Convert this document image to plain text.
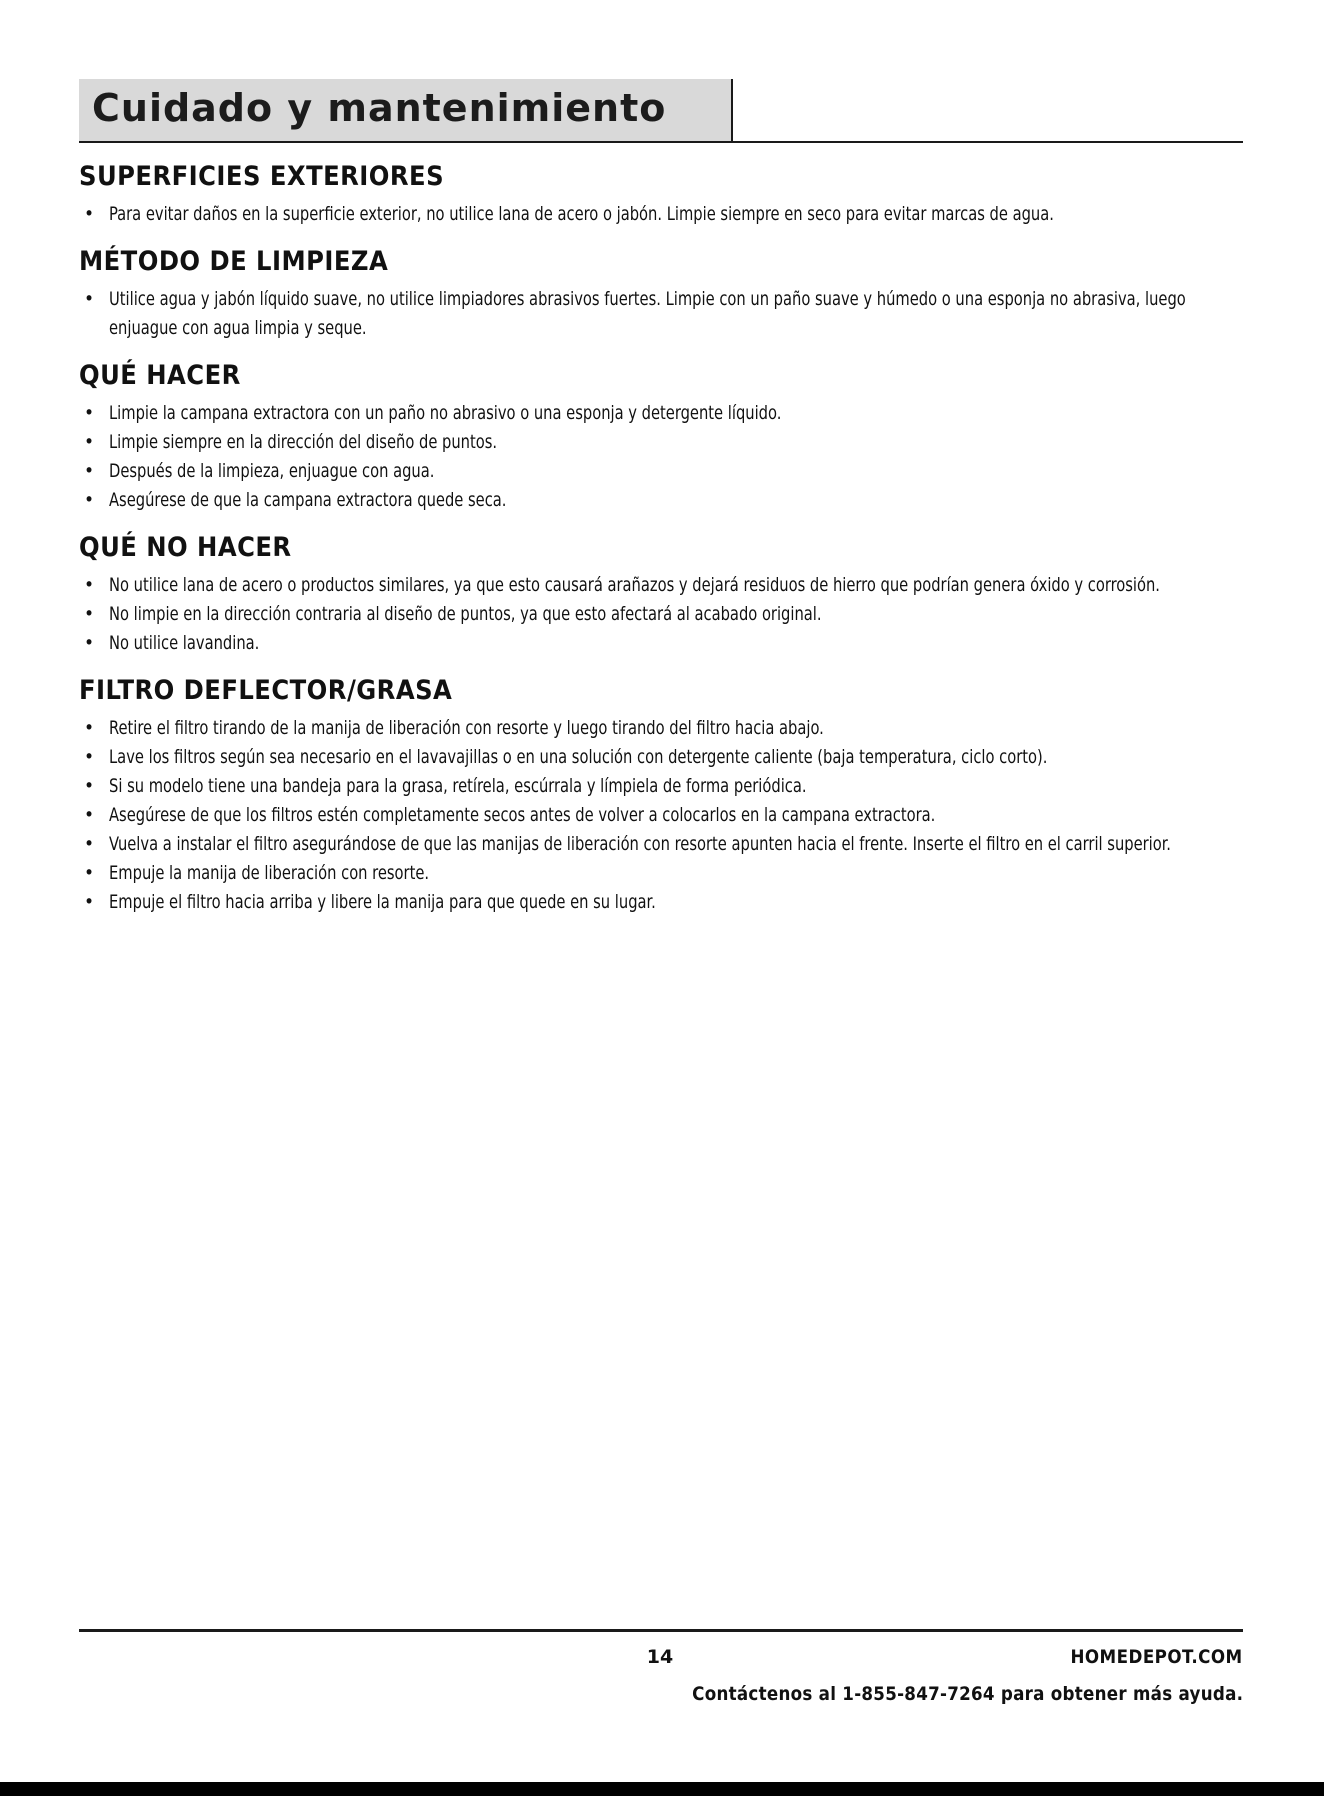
Cuidado y mantenimiento
SUPERFICIES EXTERIORES
• Para evitar daños en la superficie exterior, no utilice lana de acero o jabón. Limpie siempre en seco para evitar marcas de agua.
MÉTODO DE LIMPIEZA
• Utilice agua y jabón líquido suave, no utilice limpiadores abrasivos fuertes. Limpie con un paño suave y húmedo o una esponja no abrasiva, luego enjuague con agua limpia y seque.
QUÉ HACER
• Limpie la campana extractora con un paño no abrasivo o una esponja y detergente líquido.
• Limpie siempre en la dirección del diseño de puntos.
• Después de la limpieza, enjuague con agua.
• Asegúrese de que la campana extractora quede seca.
QUÉ NO HACER
• No utilice lana de acero o productos similares, ya que esto causará arañazos y dejará residuos de hierro que podrían genera óxido y corrosión.
• No limpie en la dirección contraria al diseño de puntos, ya que esto afectará al acabado original.
• No utilice lavandina.
FILTRO DEFLECTOR/GRASA
• Retire el filtro tirando de la manija de liberación con resorte y luego tirando del filtro hacia abajo.
• Lave los filtros según sea necesario en el lavavajillas o en una solución con detergente caliente (baja temperatura, ciclo corto).
• Si su modelo tiene una bandeja para la grasa, retírela, escúrrala y límpiela de forma periódica.
• Asegúrese de que los filtros estén completamente secos antes de volver a colocarlos en la campana extractora.
• Vuelva a instalar el filtro asegurándose de que las manijas de liberación con resorte apunten hacia el frente. Inserte el filtro en el carril superior.
• Empuje la manija de liberación con resorte.
• Empuje el filtro hacia arriba y libere la manija para que quede en su lugar.
14	HOMEDEPOT.COM
Contáctenos al 1-855-847-7264 para obtener más ayuda.
